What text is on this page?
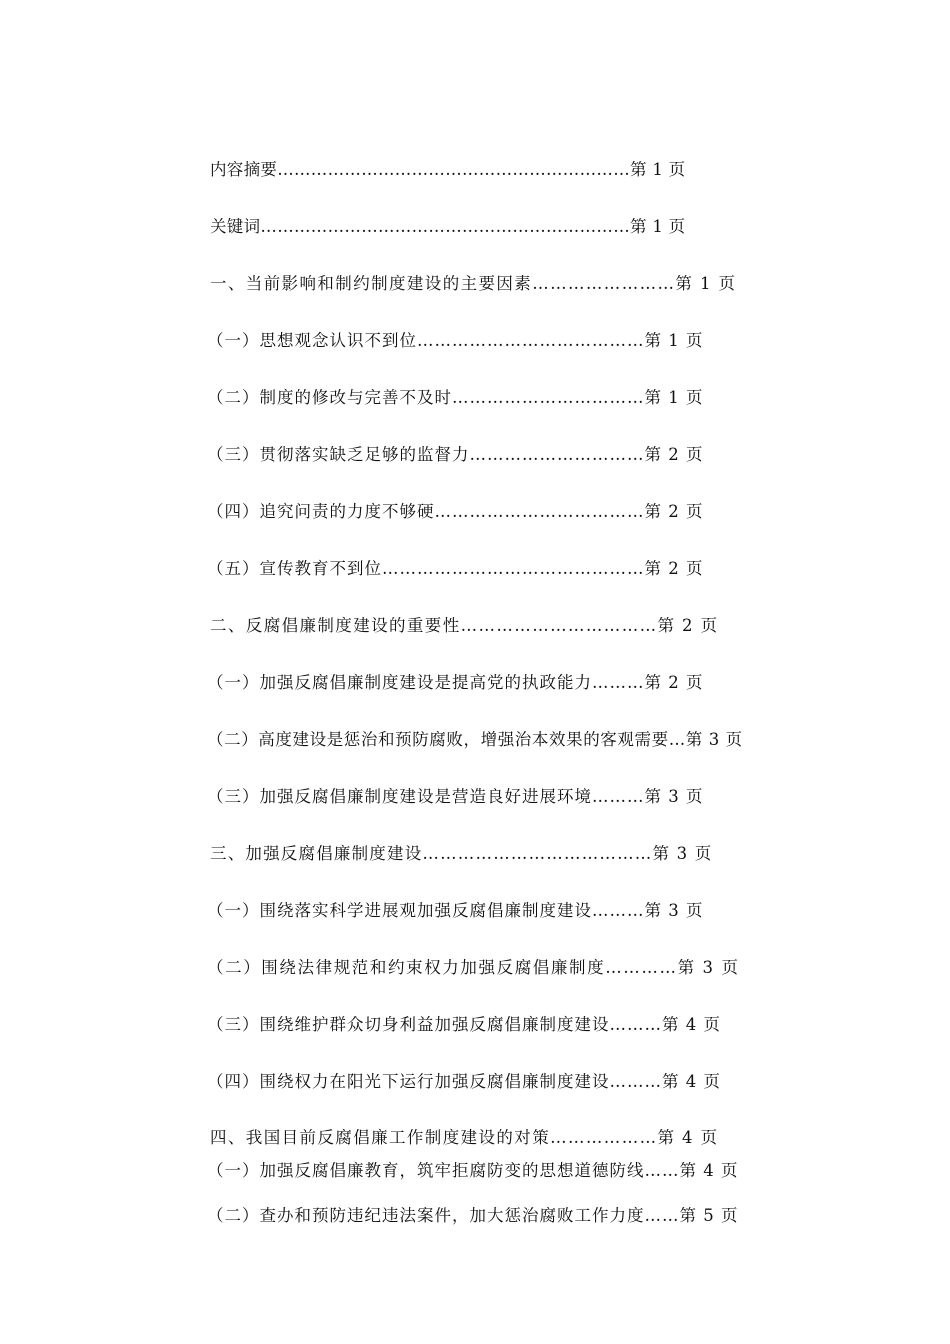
内容摘要………………………………………………………第 1 页
关键词…………………………………………………………第 1 页
一、当前影响和制约制度建设的主要因素……………………第 1 页
（一）思想观念认识不到位…………………………………第 1 页
（二）制度的修改与完善不及时……………………………第 1 页
（三）贯彻落实缺乏足够的监督力…………………………第 2 页
（四）追究问责的力度不够硬………………………………第 2 页
（五）宣传教育不到位………………………………………第 2 页
二、反腐倡廉制度建设的重要性……………………………第 2 页
（一）加强反腐倡廉制度建设是提高党的执政能力………第 2 页
（二）高度建设是惩治和预防腐败，增强治本效果的客观需要…第 3 页
（三）加强反腐倡廉制度建设是营造良好进展环境………第 3 页
三、加强反腐倡廉制度建设…………………………………第 3 页
（一）围绕落实科学进展观加强反腐倡廉制度建设………第 3 页
（二）围绕法律规范和约束权力加强反腐倡廉制度…………第 3 页
（三）围绕维护群众切身利益加强反腐倡廉制度建设………第 4 页
（四）围绕权力在阳光下运行加强反腐倡廉制度建设………第 4 页
四、我国目前反腐倡廉工作制度建设的对策………………第 4 页
（一）加强反腐倡廉教育，筑牢拒腐防变的思想道德防线……第 4 页
（二）查办和预防违纪违法案件，加大惩治腐败工作力度……第 5 页
